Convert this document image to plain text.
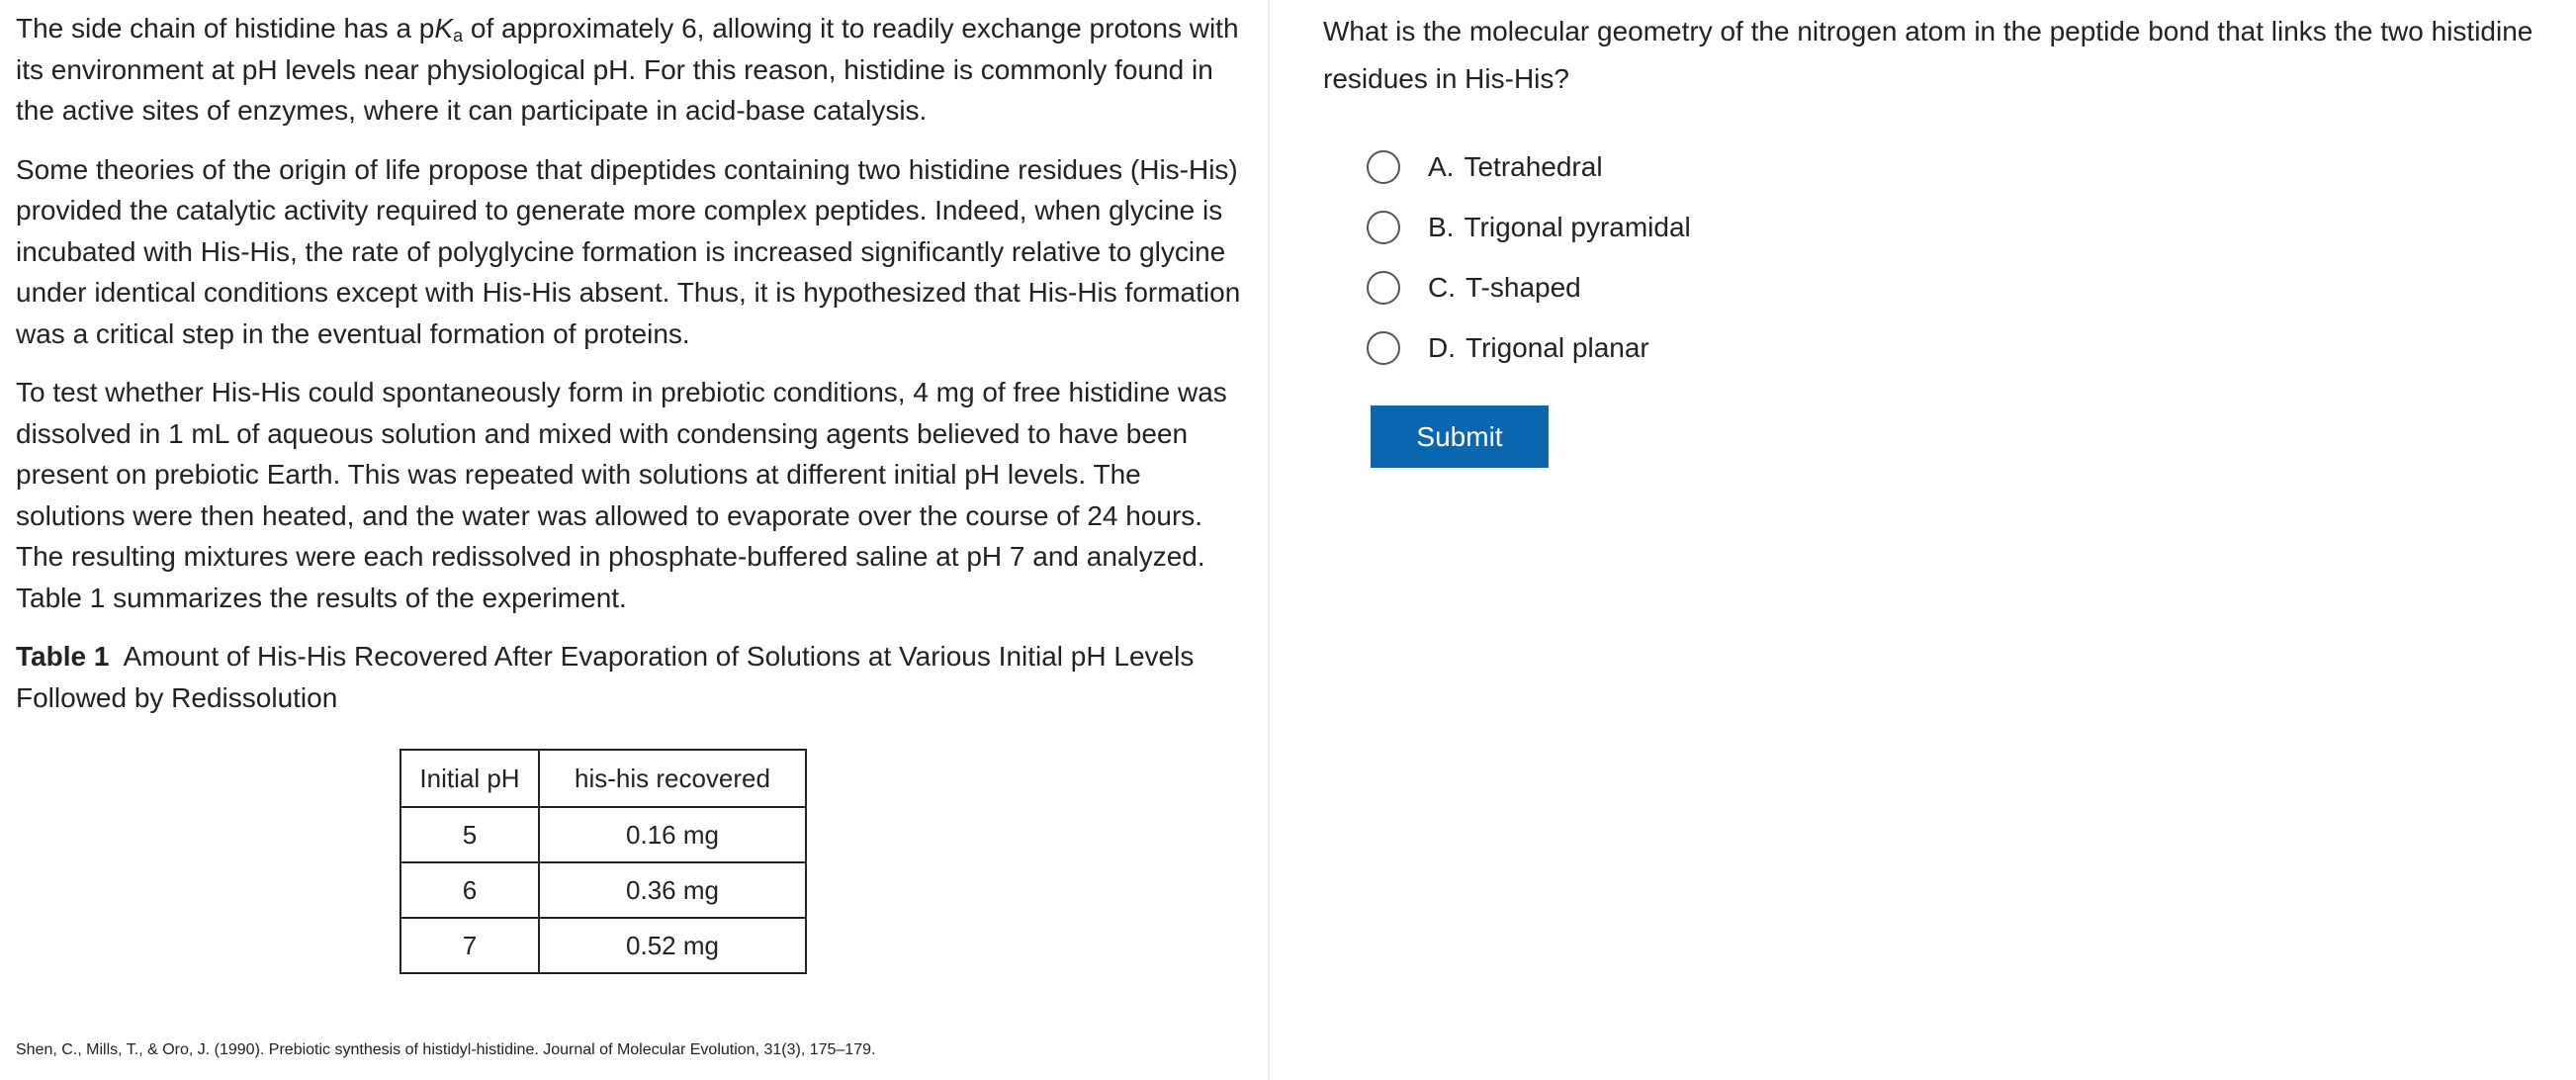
The side chain of histidine has a $pK_a$ of approximately 6, allowing it to readily exchange protons with its environment at pH levels near physiological pH. For this reason, histidine is commonly found in the active sites of enzymes, where it can participate in acid-base catalysis.

Some theories of the origin of life propose that dipeptides containing two histidine residues (His-His) provided the catalytic activity required to generate more complex peptides. Indeed, when glycine is incubated with His-His, the rate of polyglycine formation is increased significantly relative to glycine under identical conditions except with His-His absent. Thus, it is hypothesized that His-His formation was a critical step in the eventual formation of proteins.

To test whether His-His could spontaneously form in prebiotic conditions, 4 mg of free histidine was dissolved in 1 mL of aqueous solution and mixed with condensing agents believed to have been present on prebiotic Earth. This was repeated with solutions at different initial pH levels. The solutions were then heated, and the water was allowed to evaporate over the course of 24 hours. The resulting mixtures were each redissolved in phosphate-buffered saline at pH 7 and analyzed. Table 1 summarizes the results of the experiment.

Table 1 Amount of His-His Recovered After Evaporation of Solutions at Various Initial pH Levels Followed by Redissolution

Initial pH	his-his recovered
5	0.16 mg
6	0.36 mg
7	0.52 mg
Shen, C., Mills, T., & Oro, J. (1990). Prebiotic synthesis of histidyl-histidine. Journal of Molecular Evolution, 31(3), 175–179.
What is the molecular geometry of the nitrogen atom in the peptide bond that links the two histidine residues in His-His?
A. Tetrahedral
B. Trigonal pyramidal
C. T-shaped
D. Trigonal planar
Submit
